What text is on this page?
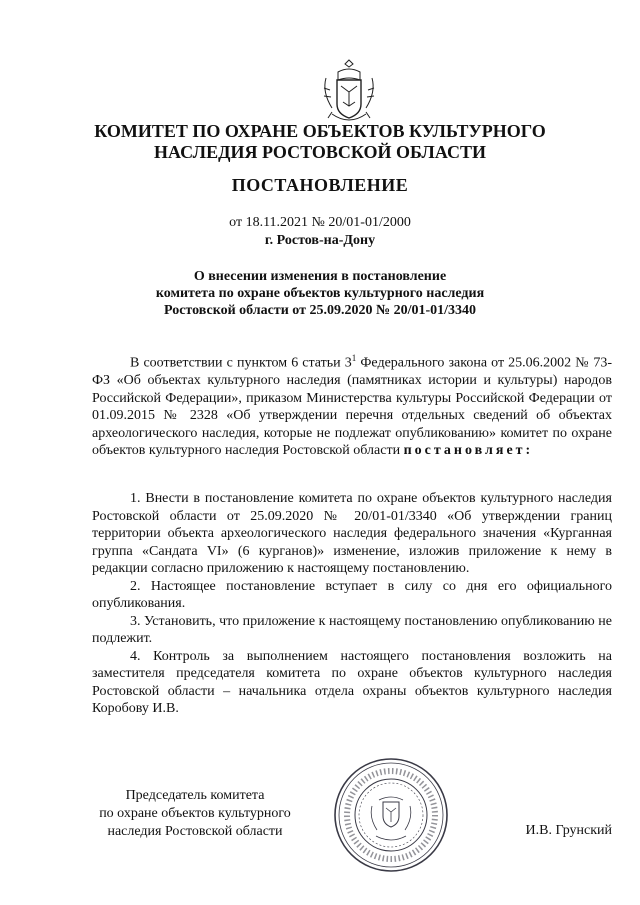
КОМИТЕТ ПО ОХРАНЕ ОБЪЕКТОВ КУЛЬТУРНОГО
НАСЛЕДИЯ РОСТОВСКОЙ ОБЛАСТИ
ПОСТАНОВЛЕНИЕ
от 18.11.2021 № 20/01-01/2000
г. Ростов-на-Дону
О внесении изменения в постановление
комитета по охране объектов культурного наследия
Ростовской области от 25.09.2020 № 20/01-01/3340
В соответствии с пунктом 6 статьи $3^1$ Федерального закона от 25.06.2002 № 73-ФЗ «Об объектах культурного наследия (памятниках истории и культуры) народов Российской Федерации», приказом Министерства культуры Российской Федерации от 01.09.2015 № 2328 «Об утверждении перечня отдельных сведений об объектах археологического наследия, которые не подлежат опубликованию» комитет по охране объектов культурного наследия Ростовской области постановляет:

1. Внести в постановление комитета по охране объектов культурного наследия Ростовской области от 25.09.2020 № 20/01-01/3340 «Об утверждении границ территории объекта археологического наследия федерального значения «Курганная группа «Сандата VI» (6 курганов)» изменение, изложив приложение к нему в редакции согласно приложению к настоящему постановлению.

2. Настоящее постановление вступает в силу со дня его официального опубликования.

3. Установить, что приложение к настоящему постановлению опубликованию не подлежит.

4. Контроль за выполнением настоящего постановления возложить на заместителя председателя комитета по охране объектов культурного наследия Ростовской области – начальника отдела охраны объектов культурного наследия Коробову И.В.

Председатель комитета
по охране объектов культурного
наследия Ростовской области	И.В. Грунский
